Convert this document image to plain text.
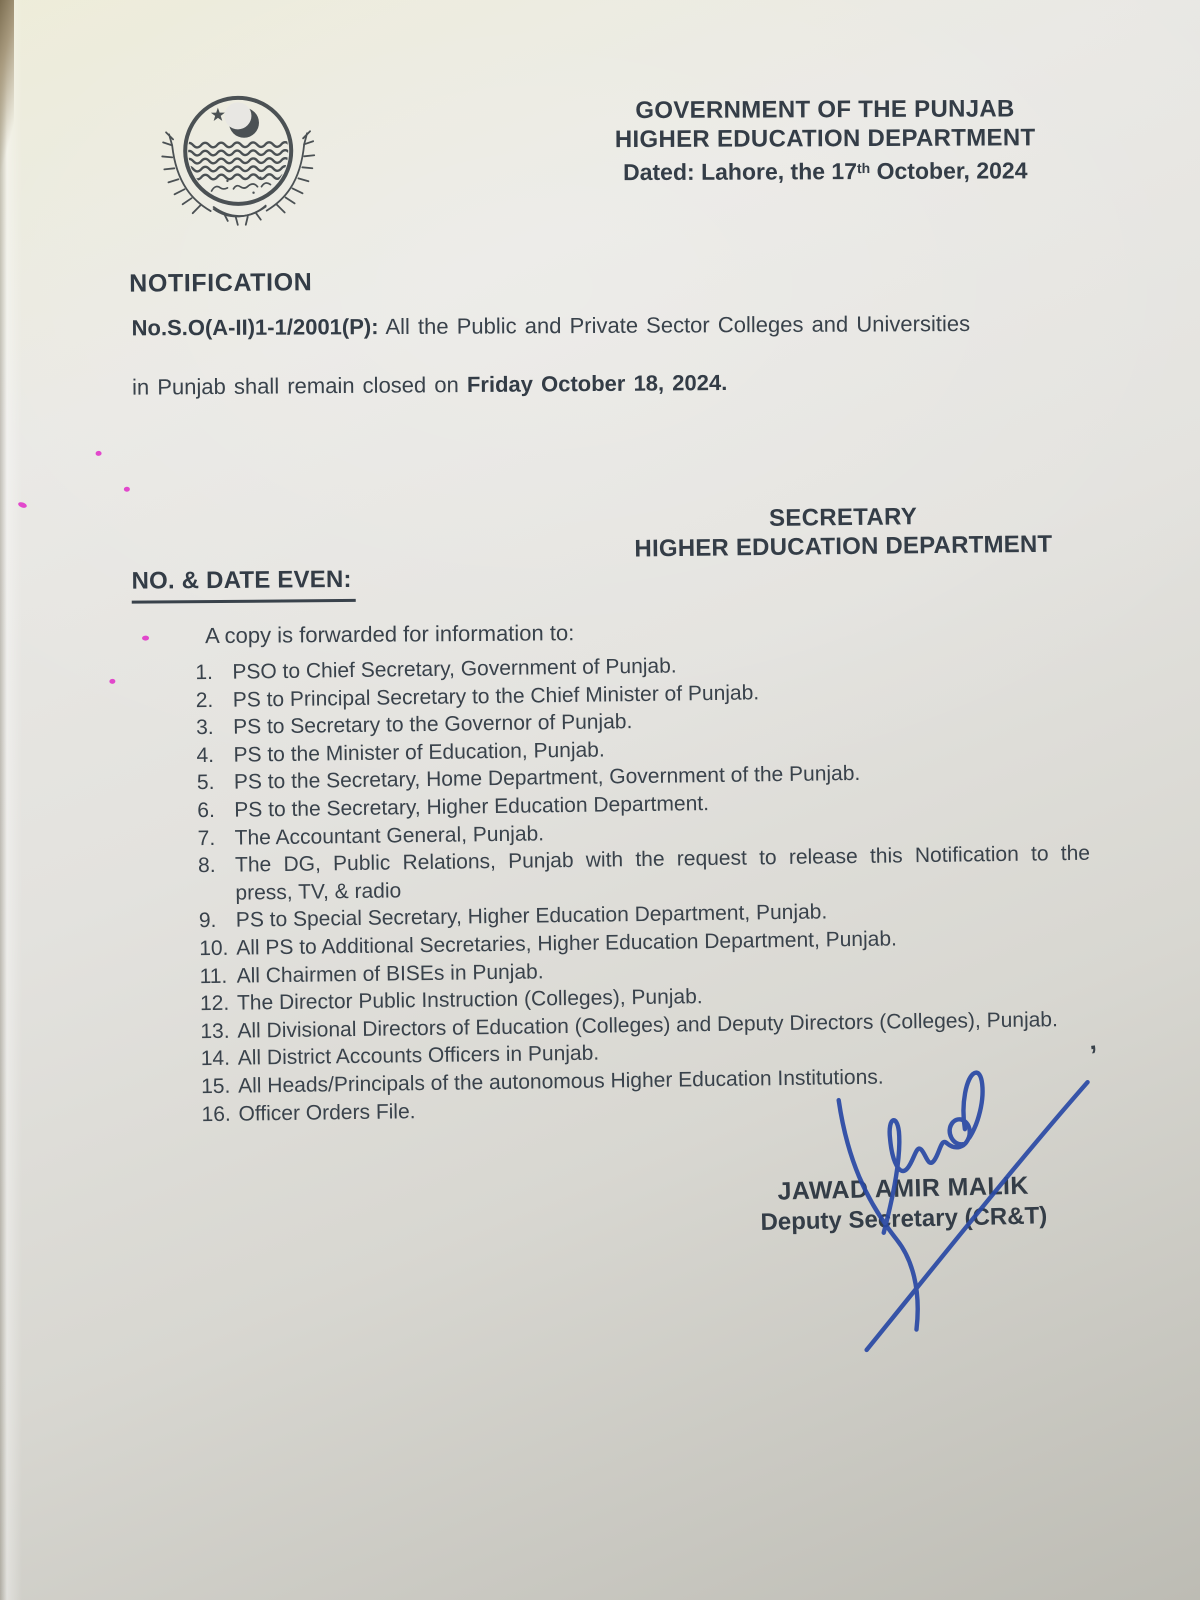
GOVERNMENT OF THE PUNJAB
HIGHER EDUCATION DEPARTMENT
Dated: Lahore, the 17th October, 2024
NOTIFICATION
No.S.O(A-II)1-1/2001(P): All the Public and Private Sector Colleges and Universities
in Punjab shall remain closed on Friday October 18, 2024.
SECRETARY
HIGHER EDUCATION DEPARTMENT
NO. & DATE EVEN:
A copy is forwarded for information to:
1. PSO to Chief Secretary, Government of Punjab.
2. PS to Principal Secretary to the Chief Minister of Punjab.
3. PS to Secretary to the Governor of Punjab.
4. PS to the Minister of Education, Punjab.
5. PS to the Secretary, Home Department, Government of the Punjab.
6. PS to the Secretary, Higher Education Department.
7. The Accountant General, Punjab.
8. The DG, Public Relations, Punjab with the request to release this Notification to the
press, TV, & radio
9. PS to Special Secretary, Higher Education Department, Punjab.
10. All PS to Additional Secretaries, Higher Education Department, Punjab.
11. All Chairmen of BISEs in Punjab.
12. The Director Public Instruction (Colleges), Punjab.
13. All Divisional Directors of Education (Colleges) and Deputy Directors (Colleges), Punjab.
14. All District Accounts Officers in Punjab.
15. All Heads/Principals of the autonomous Higher Education Institutions.
16. Officer Orders File.
’
JAWAD AMIR MALIK
Deputy Secretary (CR&T)
